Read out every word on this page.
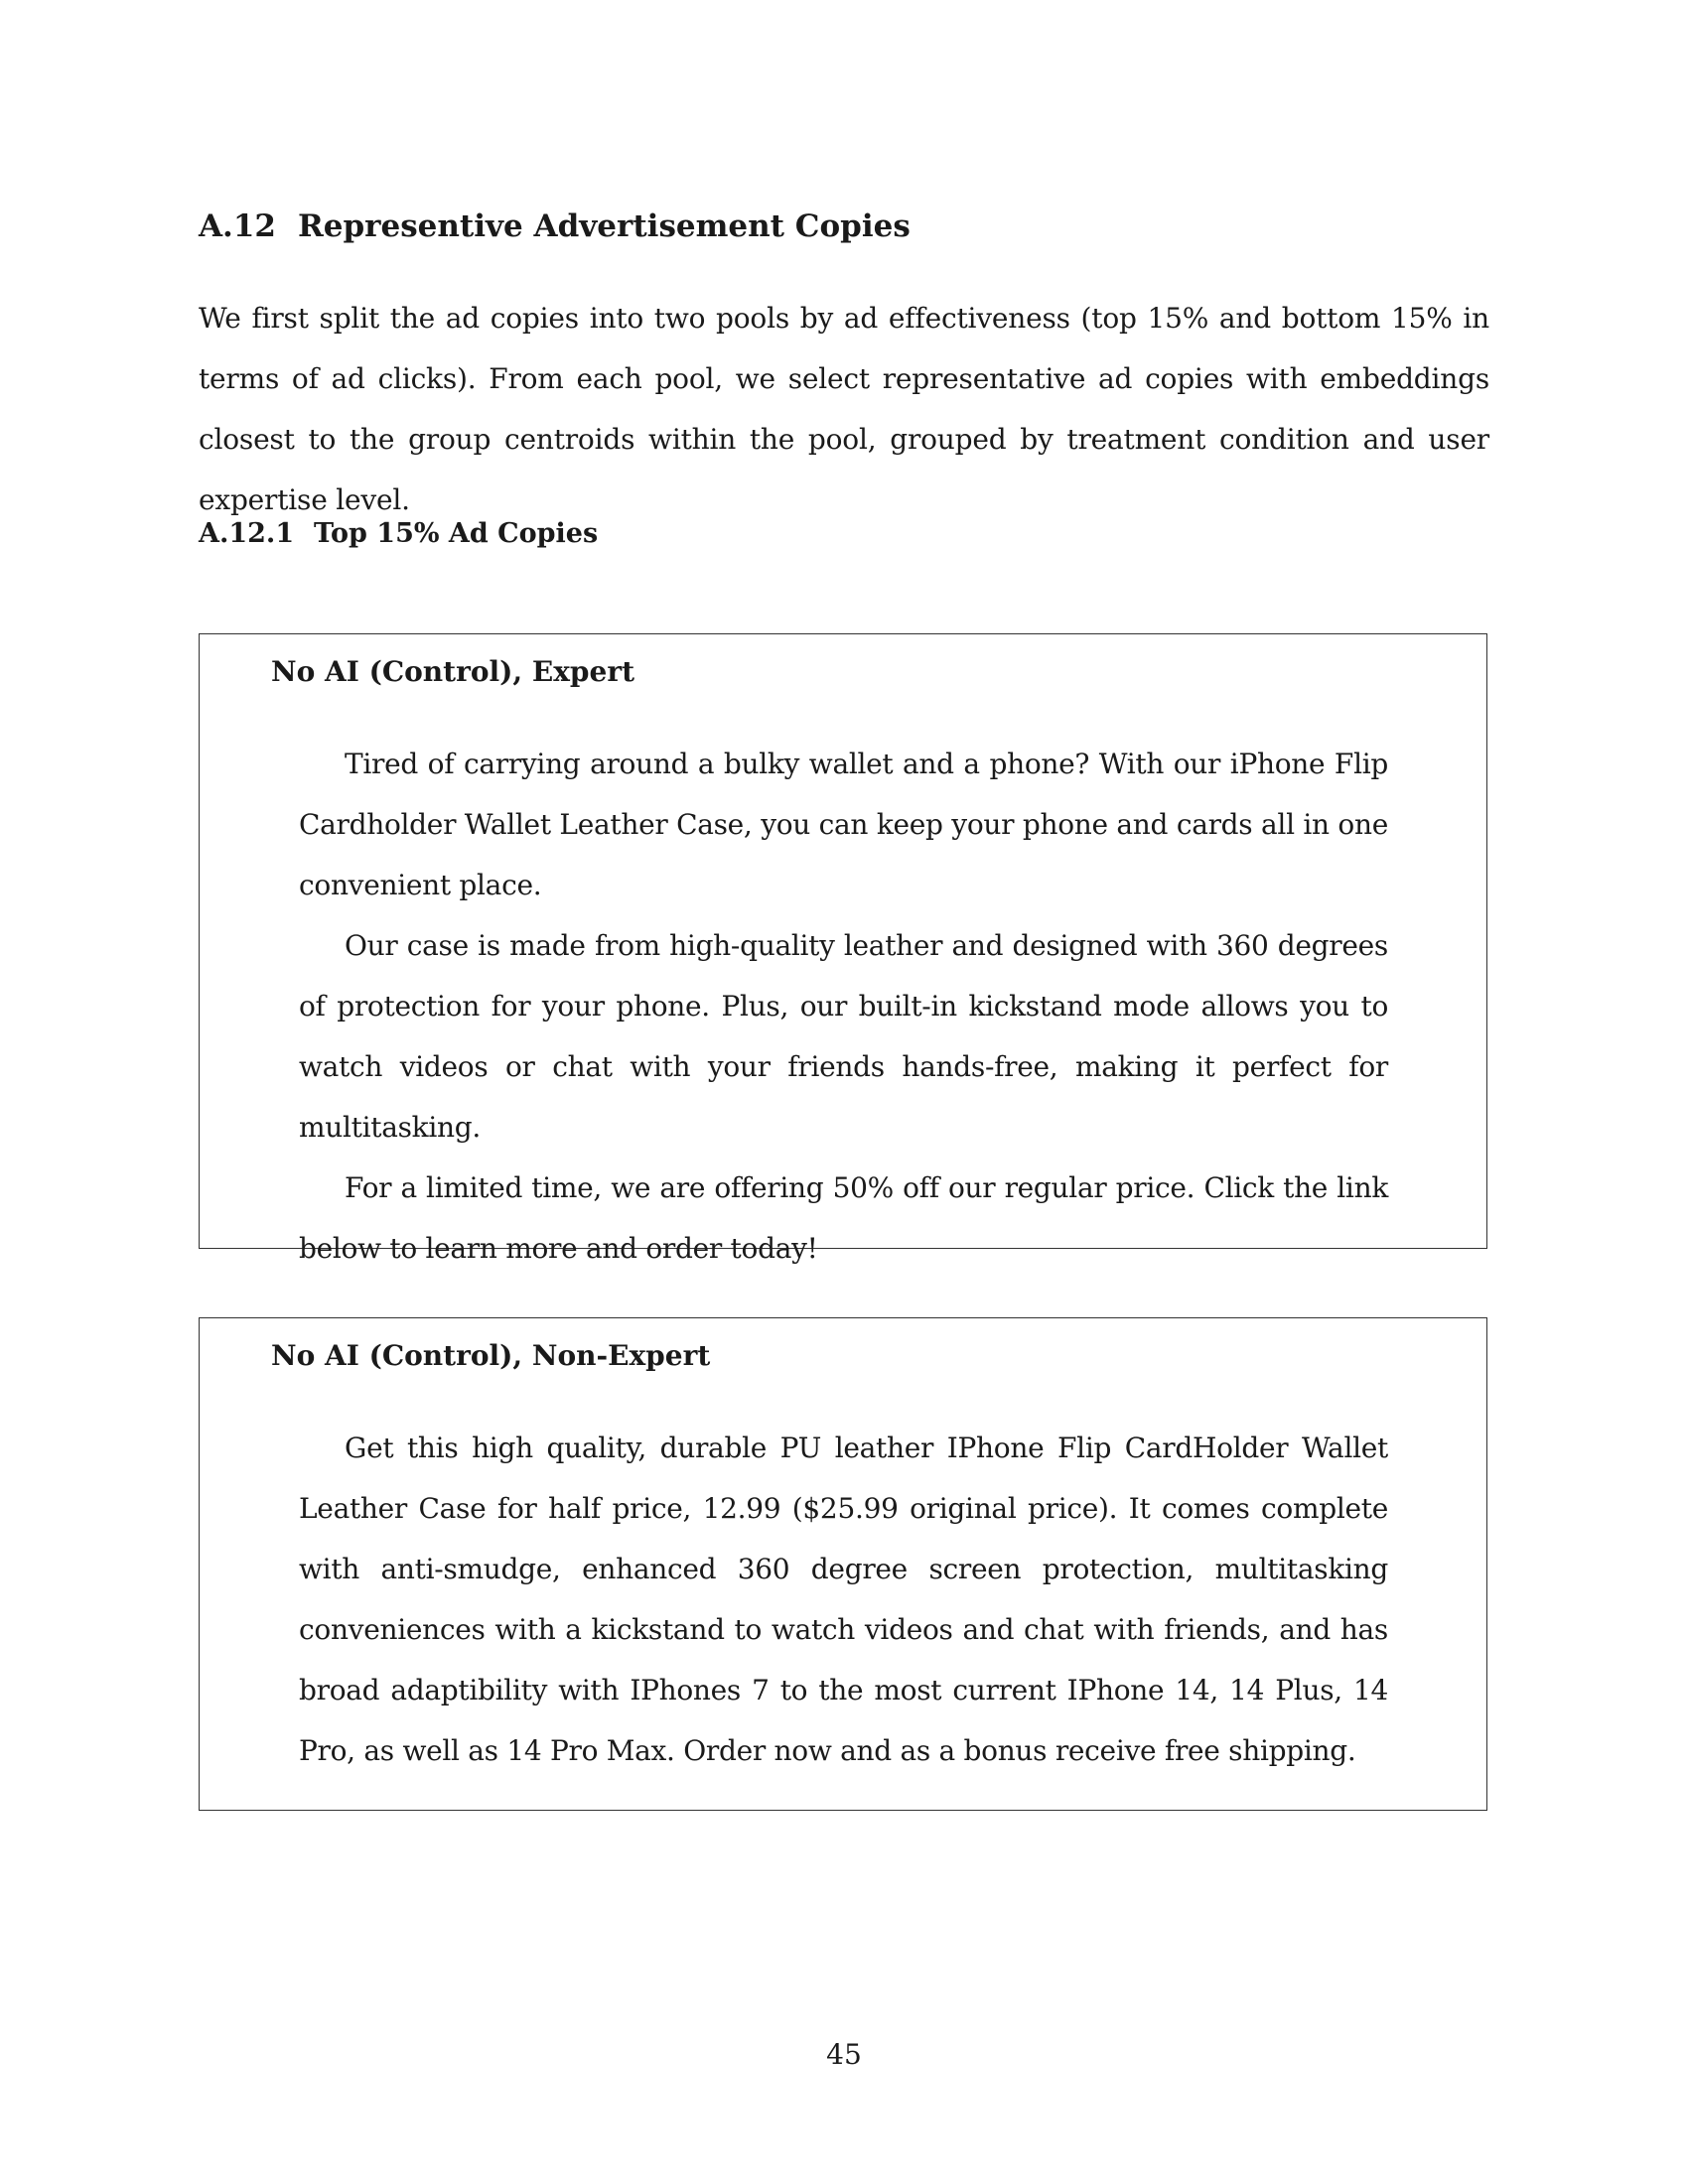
A.12 Representive Advertisement Copies

We first split the ad copies into two pools by ad effectiveness (top 15% and bottom 15% in terms of ad clicks). From each pool, we select representative ad copies with embeddings closest to the group centroids within the pool, grouped by treatment condition and user expertise level.

A.12.1 Top 15% Ad Copies
No AI (Control), Expert

Tired of carrying around a bulky wallet and a phone? With our iPhone Flip Cardholder Wallet Leather Case, you can keep your phone and cards all in one convenient place.

Our case is made from high-quality leather and designed with 360 degrees of protection for your phone. Plus, our built-in kickstand mode allows you to watch videos or chat with your friends hands-free, making it perfect for multitasking.

For a limited time, we are offering 50% off our regular price. Click the link below to learn more and order today!

No AI (Control), Non-Expert

Get this high quality, durable PU leather IPhone Flip CardHolder Wallet Leather Case for half price, 12.99 ($25.99 original price). It comes complete with anti-smudge, enhanced 360 degree screen protection, multitasking conveniences with a kickstand to watch videos and chat with friends, and has broad adaptibility with IPhones 7 to the most current IPhone 14, 14 Plus, 14 Pro, as well as 14 Pro Max. Order now and as a bonus receive free shipping.

45
